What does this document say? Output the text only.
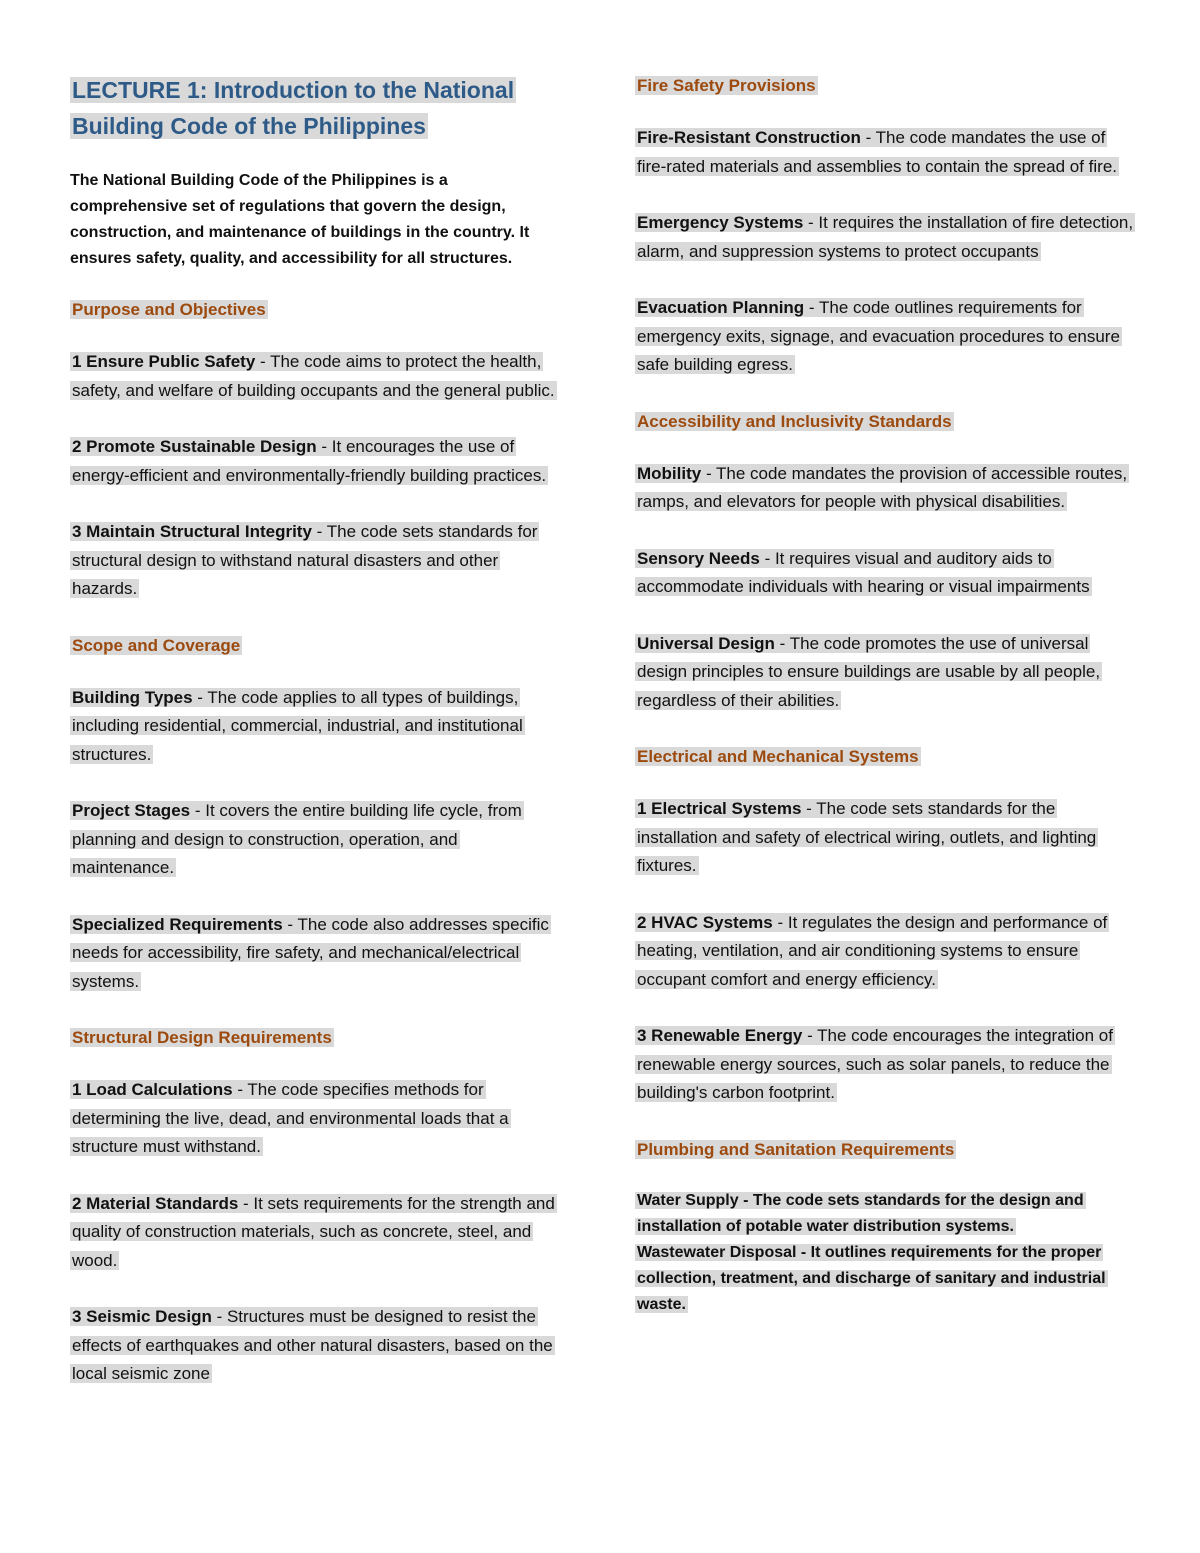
LECTURE 1: Introduction to the National Building Code of the Philippines

The National Building Code of the Philippines is a comprehensive set of regulations that govern the design, construction, and maintenance of buildings in the country. It ensures safety, quality, and accessibility for all structures.

Purpose and Objectives

1 Ensure Public Safety - The code aims to protect the health, safety, and welfare of building occupants and the general public.

2 Promote Sustainable Design - It encourages the use of energy-efficient and environmentally-friendly building practices.

3 Maintain Structural Integrity - The code sets standards for structural design to withstand natural disasters and other hazards.

Scope and Coverage

Building Types - The code applies to all types of buildings, including residential, commercial, industrial, and institutional structures.

Project Stages - It covers the entire building life cycle, from planning and design to construction, operation, and maintenance.

Specialized Requirements - The code also addresses specific needs for accessibility, fire safety, and mechanical/electrical systems.

Structural Design Requirements

1 Load Calculations - The code specifies methods for determining the live, dead, and environmental loads that a structure must withstand.

2 Material Standards - It sets requirements for the strength and quality of construction materials, such as concrete, steel, and wood.

3 Seismic Design - Structures must be designed to resist the effects of earthquakes and other natural disasters, based on the local seismic zone

Fire Safety Provisions

Fire-Resistant Construction - The code mandates the use of fire-rated materials and assemblies to contain the spread of fire.

Emergency Systems - It requires the installation of fire detection, alarm, and suppression systems to protect occupants

Evacuation Planning - The code outlines requirements for emergency exits, signage, and evacuation procedures to ensure safe building egress.

Accessibility and Inclusivity Standards

Mobility - The code mandates the provision of accessible routes, ramps, and elevators for people with physical disabilities.

Sensory Needs - It requires visual and auditory aids to accommodate individuals with hearing or visual impairments

Universal Design - The code promotes the use of universal design principles to ensure buildings are usable by all people, regardless of their abilities.

Electrical and Mechanical Systems

1 Electrical Systems - The code sets standards for the installation and safety of electrical wiring, outlets, and lighting fixtures.

2 HVAC Systems - It regulates the design and performance of heating, ventilation, and air conditioning systems to ensure occupant comfort and energy efficiency.

3 Renewable Energy - The code encourages the integration of renewable energy sources, such as solar panels, to reduce the building's carbon footprint.

Plumbing and Sanitation Requirements

Water Supply - The code sets standards for the design and installation of potable water distribution systems.

Wastewater Disposal - It outlines requirements for the proper collection, treatment, and discharge of sanitary and industrial waste.
